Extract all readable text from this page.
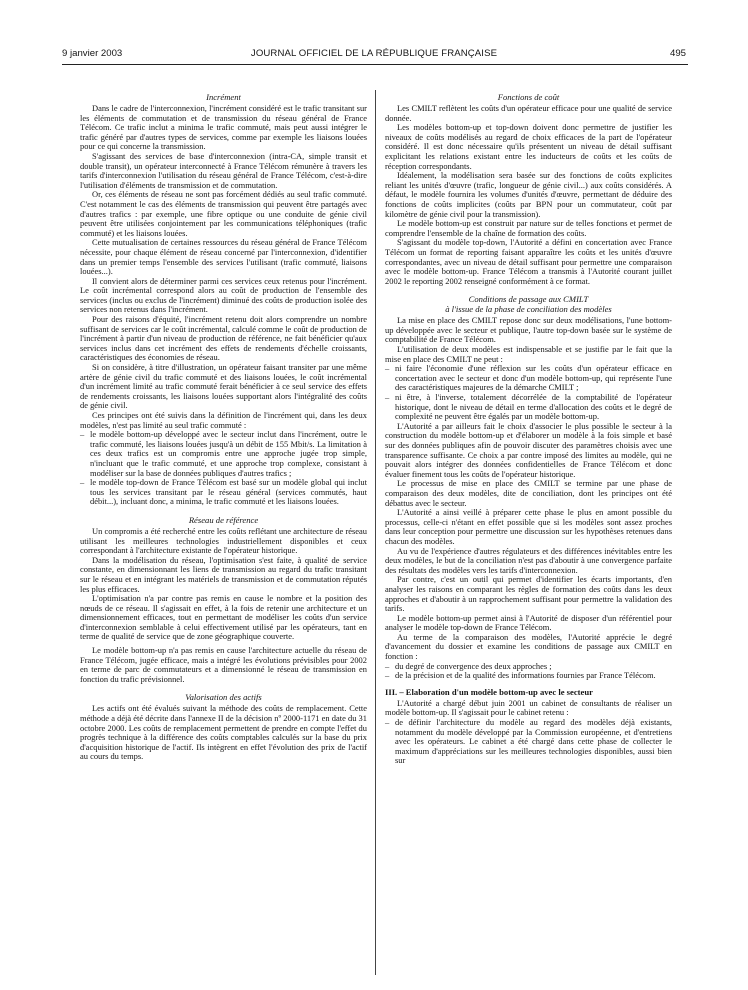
9 janvier 2003	JOURNAL OFFICIEL DE LA RÉPUBLIQUE FRANÇAISE	495
Incrément

Dans le cadre de l'interconnexion, l'incrément considéré est le trafic transitant sur les éléments de commutation et de transmission du réseau général de France Télécom. Ce trafic inclut a minima le trafic commuté, mais peut aussi intégrer le trafic généré par d'autres types de services, comme par exemple les liaisons louées pour ce qui concerne la transmission.

S'agissant des services de base d'interconnexion (intra-CA, simple transit et double transit), un opérateur interconnecté à France Télécom rémunère à travers les tarifs d'interconnexion l'utilisation du réseau général de France Télécom, c'est-à-dire l'utilisation d'éléments de transmission et de commutation.

Or, ces éléments de réseau ne sont pas forcément dédiés au seul trafic commuté. C'est notamment le cas des éléments de transmission qui peuvent être partagés avec d'autres trafics : par exemple, une fibre optique ou une conduite de génie civil peuvent être utilisées conjointement par les communications téléphoniques (trafic commuté) et les liaisons louées.

Cette mutualisation de certaines ressources du réseau général de France Télécom nécessite, pour chaque élément de réseau concerné par l'interconnexion, d'identifier dans un premier temps l'ensemble des services l'utilisant (trafic commuté, liaisons louées...).

Il convient alors de déterminer parmi ces services ceux retenus pour l'incrément. Le coût incrémental correspond alors au coût de production de l'ensemble des services (inclus ou exclus de l'incrément) diminué des coûts de production isolée des services non retenus dans l'incrément.

Pour des raisons d'équité, l'incrément retenu doit alors comprendre un nombre suffisant de services car le coût incrémental, calculé comme le coût de production de l'incrément à partir d'un niveau de production de référence, ne fait bénéficier qu'aux services inclus dans cet incrément des effets de rendements d'échelle croissants, caractéristiques des économies de réseau.

Si on considère, à titre d'illustration, un opérateur faisant transiter par une même artère de génie civil du trafic commuté et des liaisons louées, le coût incrémental d'un incrément limité au trafic commuté ferait bénéficier à ce seul service des effets de rendements croissants, les liaisons louées supportant alors l'intégralité des coûts de génie civil.

Ces principes ont été suivis dans la définition de l'incrément qui, dans les deux modèles, n'est pas limité au seul trafic commuté :

– le modèle bottom-up développé avec le secteur inclut dans l'incrément, outre le trafic commuté, les liaisons louées jusqu'à un débit de 155 Mbit/s. La limitation à ces deux trafics est un compromis entre une approche jugée trop simple, n'incluant que le trafic commuté, et une approche trop complexe, consistant à modéliser sur la base de données publiques d'autres trafics ;
– le modèle top-down de France Télécom est basé sur un modèle global qui inclut tous les services transitant par le réseau général (services commutés, haut débit...), incluant donc, a minima, le trafic commuté et les liaisons louées.
Réseau de référence

Un compromis a été recherché entre les coûts reflétant une architecture de réseau utilisant les meilleures technologies industriellement disponibles et ceux correspondant à l'architecture existante de l'opérateur historique.

Dans la modélisation du réseau, l'optimisation s'est faite, à qualité de service constante, en dimensionnant les liens de transmission au regard du trafic transitant sur le réseau et en intégrant les matériels de transmission et de commutation réputés les plus efficaces.

L'optimisation n'a par contre pas remis en cause le nombre et la position des nœuds de ce réseau. Il s'agissait en effet, à la fois de retenir une architecture et un dimensionnement efficaces, tout en permettant de modéliser les coûts d'un service d'interconnexion semblable à celui effectivement utilisé par les opérateurs, tant en terme de qualité de service que de zone géographique couverte.

Le modèle bottom-up n'a pas remis en cause l'architecture actuelle du réseau de France Télécom, jugée efficace, mais a intégré les évolutions prévisibles pour 2002 en terme de parc de commutateurs et a dimensionné le réseau de transmission en fonction du trafic prévisionnel.

Valorisation des actifs

Les actifs ont été évalués suivant la méthode des coûts de remplacement. Cette méthode a déjà été décrite dans l'annexe II de la décision nº 2000-1171 en date du 31 octobre 2000. Les coûts de remplacement permettent de prendre en compte l'effet du progrès technique à la différence des coûts comptables calculés sur la base du prix d'acquisition historique de l'actif. Ils intègrent en effet l'évolution des prix de l'actif au cours du temps.

Fonctions de coût

Les CMILT reflètent les coûts d'un opérateur efficace pour une qualité de service donnée.

Les modèles bottom-up et top-down doivent donc permettre de justifier les niveaux de coûts modélisés au regard de choix efficaces de la part de l'opérateur considéré. Il est donc nécessaire qu'ils présentent un niveau de détail suffisant explicitant les relations existant entre les inducteurs de coûts et les coûts de réception correspondants.

Idéalement, la modélisation sera basée sur des fonctions de coûts explicites reliant les unités d'œuvre (trafic, longueur de génie civil...) aux coûts considérés. A défaut, le modèle fournira les volumes d'unités d'œuvre, permettant de déduire des fonctions de coûts implicites (coûts par BPN pour un commutateur, coût par kilomètre de génie civil pour la transmission).

Le modèle bottom-up est construit par nature sur de telles fonctions et permet de comprendre l'ensemble de la chaîne de formation des coûts.

S'agissant du modèle top-down, l'Autorité a défini en concertation avec France Télécom un format de reporting faisant apparaître les coûts et les unités d'œuvre correspondantes, avec un niveau de détail suffisant pour permettre une comparaison avec le modèle bottom-up. France Télécom a transmis à l'Autorité courant juillet 2002 le reporting 2002 renseigné conformément à ce format.

Conditions de passage aux CMILT
à l'issue de la phase de conciliation des modèles

La mise en place des CMILT repose donc sur deux modélisations, l'une bottom-up développée avec le secteur et publique, l'autre top-down basée sur le système de comptabilité de France Télécom.

L'utilisation de deux modèles est indispensable et se justifie par le fait que la mise en place des CMILT ne peut :

– ni faire l'économie d'une réflexion sur les coûts d'un opérateur efficace en concertation avec le secteur et donc d'un modèle bottom-up, qui représente l'une des caractéristiques majeures de la démarche CMILT ;
– ni être, à l'inverse, totalement décorrélée de la comptabilité de l'opérateur historique, dont le niveau de détail en terme d'allocation des coûts et le degré de complexité ne peuvent être égalés par un modèle bottom-up.

L'Autorité a par ailleurs fait le choix d'associer le plus possible le secteur à la construction du modèle bottom-up et d'élaborer un modèle à la fois simple et basé sur des données publiques afin de pouvoir discuter des paramètres choisis avec une transparence suffisante. Ce choix a par contre imposé des limites au modèle, qui ne pouvait alors intégrer des données confidentielles de France Télécom et donc évaluer finement tous les coûts de l'opérateur historique.

Le processus de mise en place des CMILT se termine par une phase de comparaison des deux modèles, dite de conciliation, dont les principes ont été débattus avec le secteur.

L'Autorité a ainsi veillé à préparer cette phase le plus en amont possible du processus, celle-ci n'étant en effet possible que si les modèles sont assez proches dans leur conception pour permettre une discussion sur les hypothèses retenues dans chacun des modèles.

Au vu de l'expérience d'autres régulateurs et des différences inévitables entre les deux modèles, le but de la conciliation n'est pas d'aboutir à une convergence parfaite des résultats des modèles vers les tarifs d'interconnexion.

Par contre, c'est un outil qui permet d'identifier les écarts importants, d'en analyser les raisons en comparant les règles de formation des coûts dans les deux approches et d'aboutir à un rapprochement suffisant pour permettre la validation des tarifs.

Le modèle bottom-up permet ainsi à l'Autorité de disposer d'un référentiel pour analyser le modèle top-down de France Télécom.

Au terme de la comparaison des modèles, l'Autorité apprécie le degré d'avancement du dossier et examine les conditions de passage aux CMILT en fonction :

– du degré de convergence des deux approches ;
– de la précision et de la qualité des informations fournies par France Télécom.
III. – Elaboration d'un modèle bottom-up avec le secteur

L'Autorité a chargé début juin 2001 un cabinet de consultants de réaliser un modèle bottom-up. Il s'agissait pour le cabinet retenu :

– de définir l'architecture du modèle au regard des modèles déjà existants, notamment du modèle développé par la Commission européenne, et d'entretiens avec les opérateurs. Le cabinet a été chargé dans cette phase de collecter le maximum d'appréciations sur les meilleures technologies disponibles, aussi bien sur
